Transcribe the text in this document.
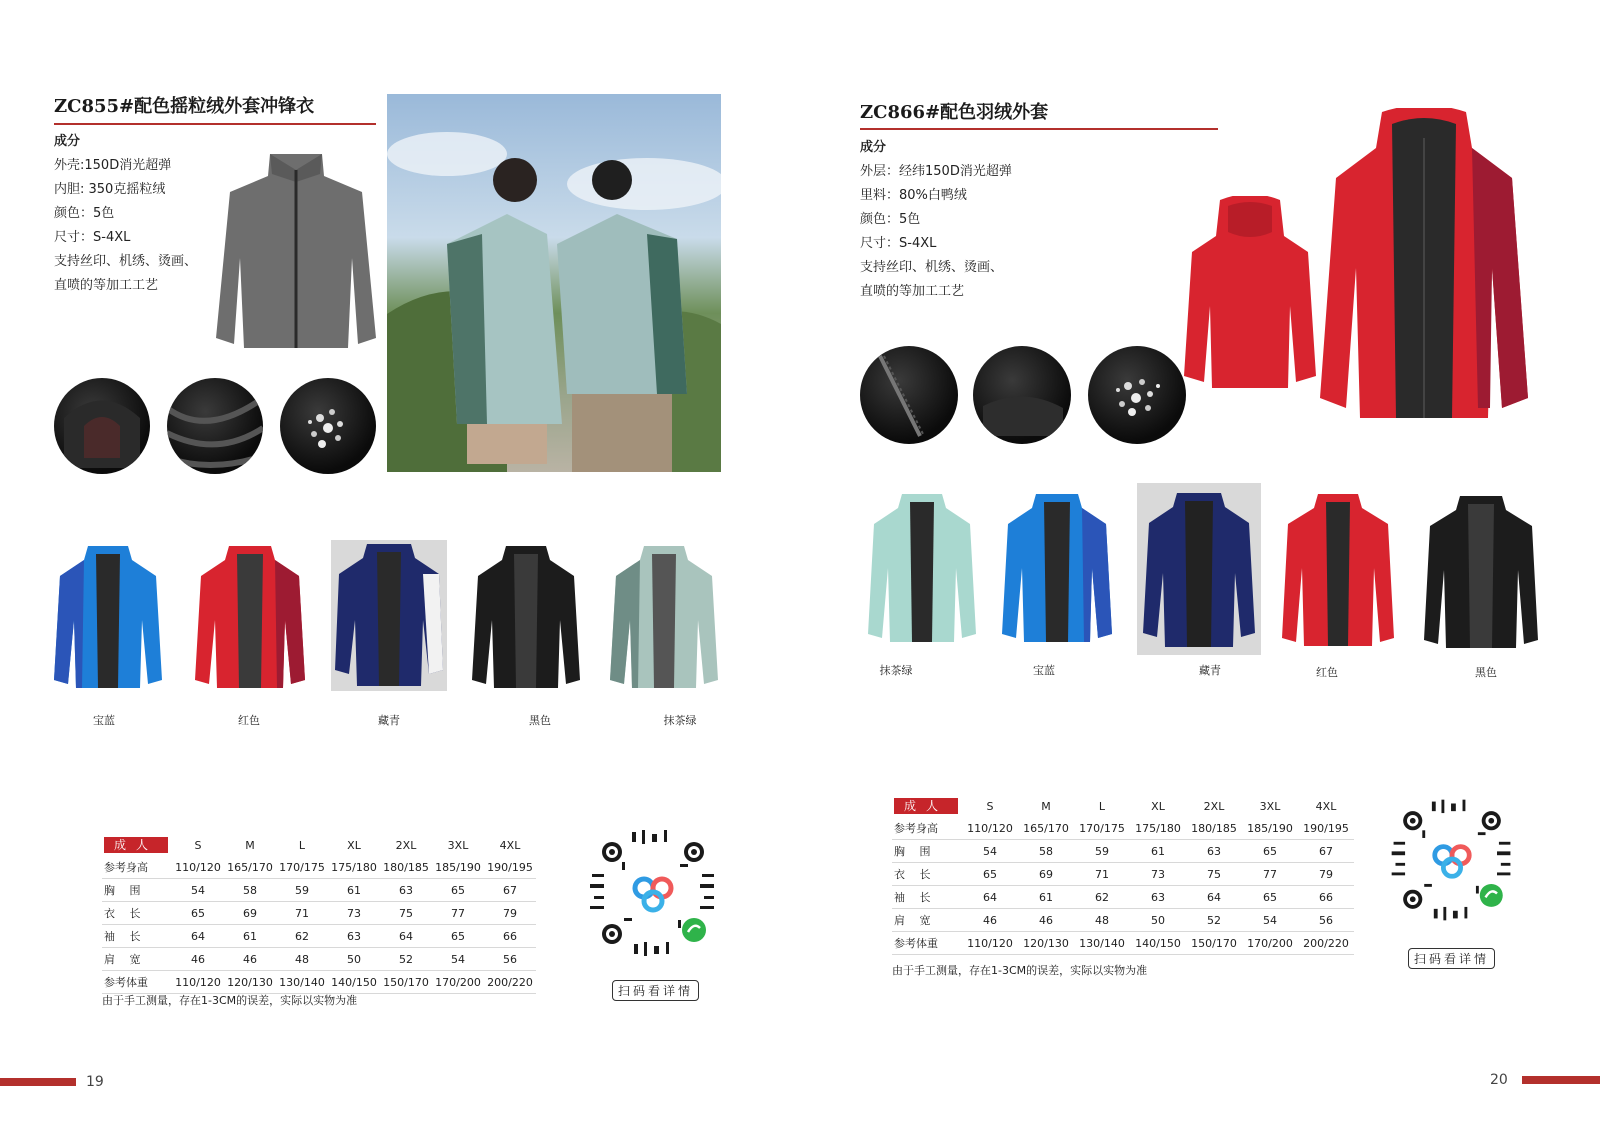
ZC855#配色摇粒绒外套冲锋衣
成分
外壳:150D消光超弹
内胆: 350克摇粒绒
颜色：5色
尺寸：S-4XL
支持丝印、机绣、烫画、
直喷的等加工工艺
宝蓝	红色	藏青	黑色	抹茶绿
成人	S	M	L	XL	2XL	3XL	4XL
参考身高	110/120	165/170	170/175	175/180	180/185	185/190	190/195
胸　 围	54	58	59	61	63	65	67
衣　 长	65	69	71	73	75	77	79
袖　 长	64	61	62	63	64	65	66
肩　 宽	46	46	48	50	52	54	56
参考体重	110/120	120/130	130/140	140/150	150/170	170/200	200/220
由于手工测量，存在1-3CM的误差，实际以实物为准
扫码看详情
19
ZC866#配色羽绒外套
成分
外层：经纬150D消光超弹
里料：80%白鸭绒
颜色：5色
尺寸：S-4XL
支持丝印、机绣、烫画、
直喷的等加工工艺
抹茶绿	宝蓝	藏青	红色	黑色
成人	S	M	L	XL	2XL	3XL	4XL
参考身高	110/120	165/170	170/175	175/180	180/185	185/190	190/195
胸　 围	54	58	59	61	63	65	67
衣　 长	65	69	71	73	75	77	79
袖　 长	64	61	62	63	64	65	66
肩　 宽	46	46	48	50	52	54	56
参考体重	110/120	120/130	130/140	140/150	150/170	170/200	200/220
由于手工测量，存在1-3CM的误差，实际以实物为准
扫码看详情
20
